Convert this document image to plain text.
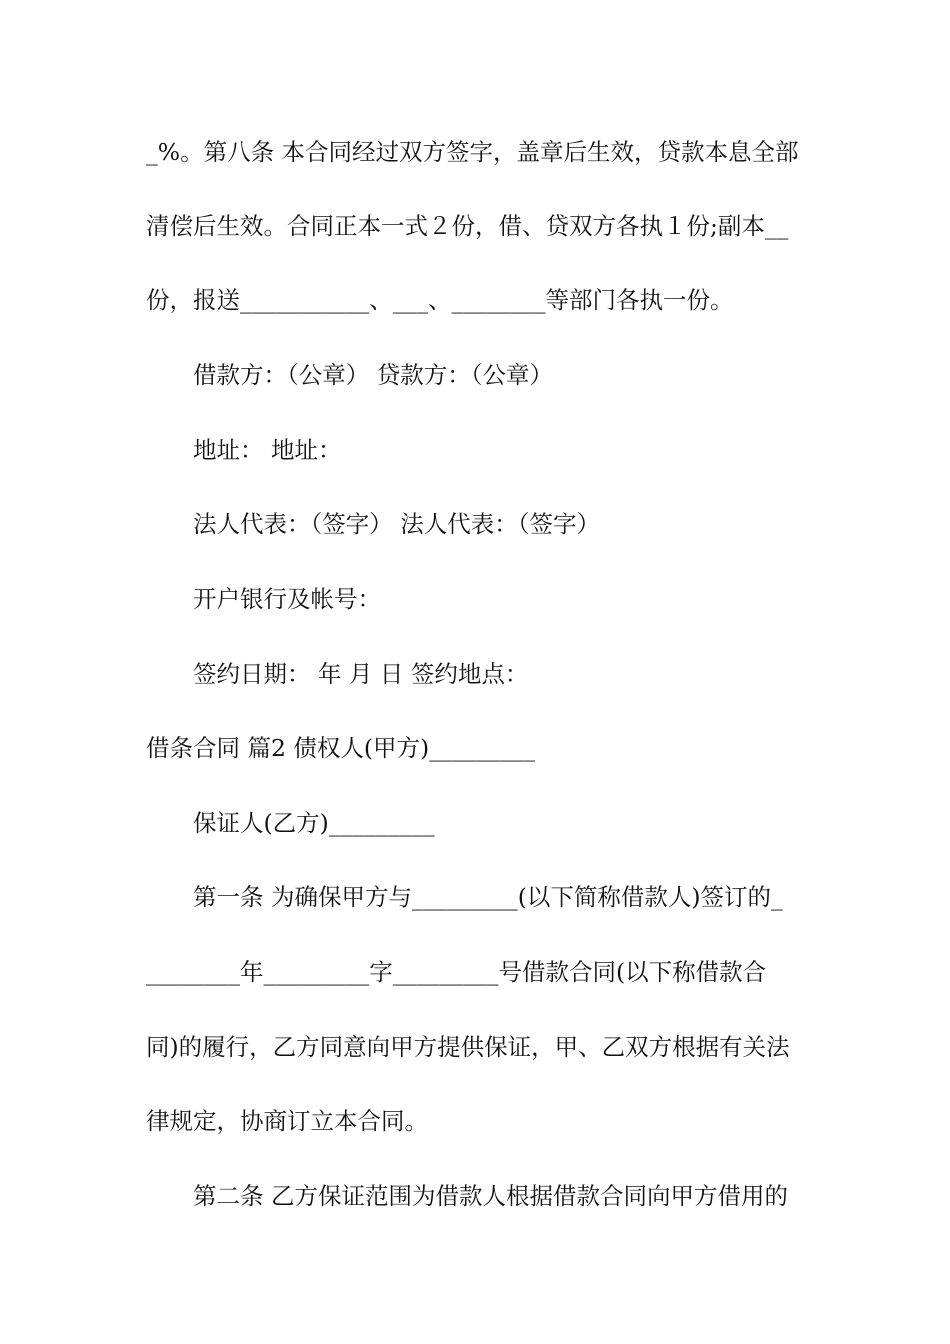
_%。第八条 本合同经过双方签字，盖章后生效，贷款本息全部
清偿后生效。合同正本一式２份，借、贷双方各执１份;副本__
份，报送___________、___、________等部门各执一份。
借款方：（公章） 贷款方：（公章）
地址： 地址：
法人代表：（签字） 法人代表：（签字）
开户银行及帐号：
签约日期： 年 月 日 签约地点：
借条合同 篇2 债权人(甲方)_________
保证人(乙方)_________
第一条 为确保甲方与_________(以下简称借款人)签订的_
________年_________字_________号借款合同(以下称借款合
同)的履行，乙方同意向甲方提供保证，甲、乙双方根据有关法
律规定，协商订立本合同。
第二条 乙方保证范围为借款人根据借款合同向甲方借用的
